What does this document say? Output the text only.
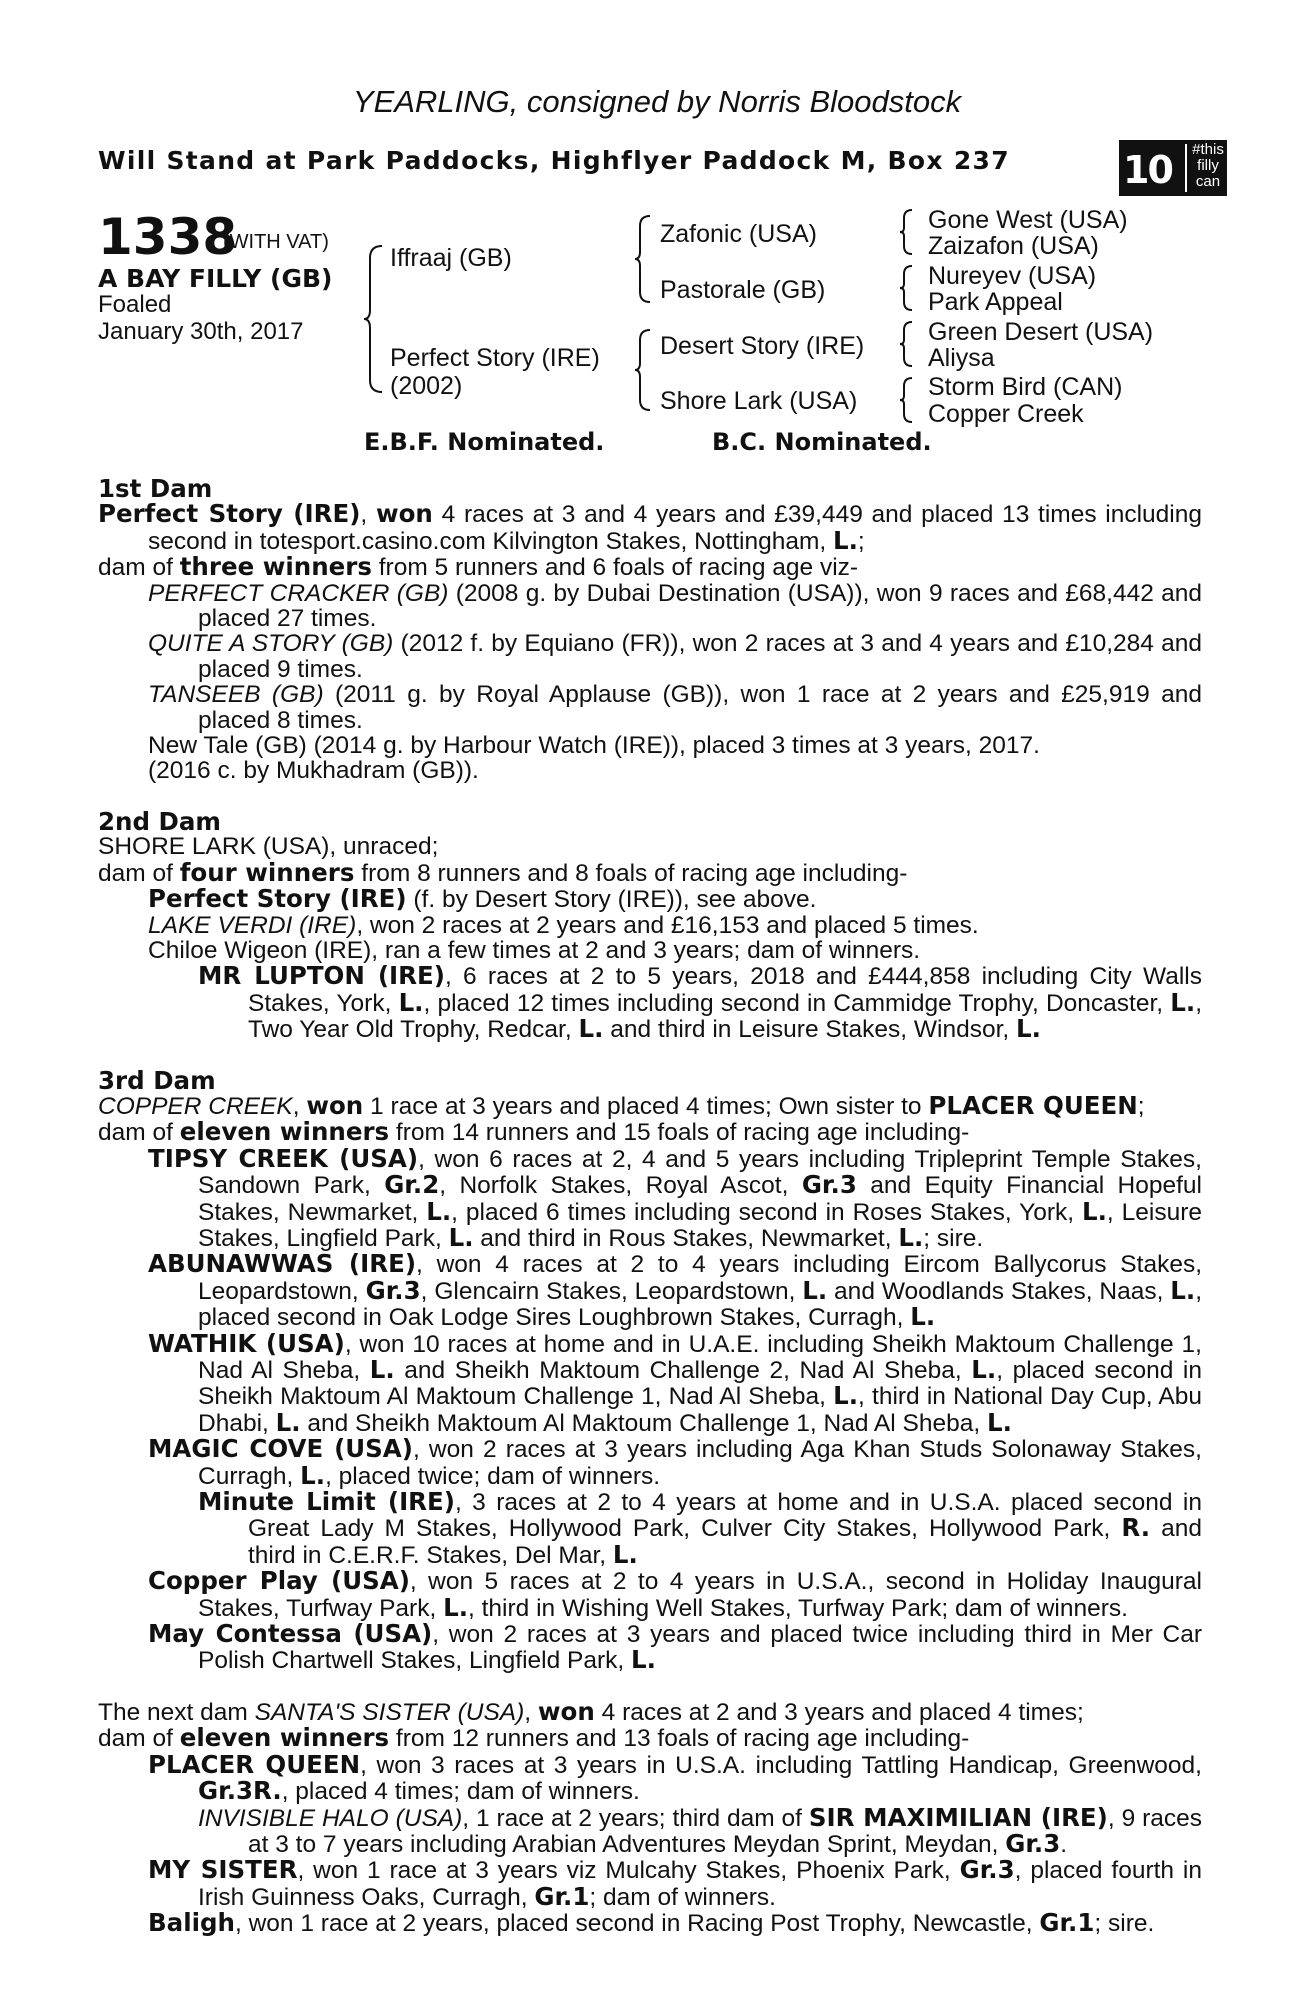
YEARLING, consigned by Norris Bloodstock
Will Stand at Park Paddocks, Highflyer Paddock M, Box 237	10 #this
filly
can
1338
(WITH VAT)
A BAY FILLY (GB)
Foaled
January 30th, 2017
Iffraaj (GB)
Perfect Story (IRE)
(2002)
Zafonic (USA)
Pastorale (GB)
Desert Story (IRE)
Shore Lark (USA)
Gone West (USA)
Zaizafon (USA)
Nureyev (USA)
Park Appeal
Green Desert (USA)
Aliysa
Storm Bird (CAN)
Copper Creek
E.B.F. Nominated.	B.C. Nominated.

1st Dam

Perfect Story (IRE), won 4 races at 3 and 4 years and £39,449 and placed 13 times including second in totesport.casino.com Kilvington Stakes, Nottingham, L.;

dam of three winners from 5 runners and 6 foals of racing age viz-

PERFECT CRACKER (GB) (2008 g. by Dubai Destination (USA)), won 9 races and £68,442 and placed 27 times.

QUITE A STORY (GB) (2012 f. by Equiano (FR)), won 2 races at 3 and 4 years and £10,284 and placed 9 times.

TANSEEB (GB) (2011 g. by Royal Applause (GB)), won 1 race at 2 years and £25,919 and placed 8 times.

New Tale (GB) (2014 g. by Harbour Watch (IRE)), placed 3 times at 3 years, 2017.

(2016 c. by Mukhadram (GB)).

2nd Dam

SHORE LARK (USA), unraced;

dam of four winners from 8 runners and 8 foals of racing age including-

Perfect Story (IRE) (f. by Desert Story (IRE)), see above.

LAKE VERDI (IRE), won 2 races at 2 years and £16,153 and placed 5 times.

Chiloe Wigeon (IRE), ran a few times at 2 and 3 years; dam of winners.

MR LUPTON (IRE), 6 races at 2 to 5 years, 2018 and £444,858 including City Walls Stakes, York, L., placed 12 times including second in Cammidge Trophy, Doncaster, L., Two Year Old Trophy, Redcar, L. and third in Leisure Stakes, Windsor, L.

3rd Dam

COPPER CREEK, won 1 race at 3 years and placed 4 times; Own sister to PLACER QUEEN;

dam of eleven winners from 14 runners and 15 foals of racing age including-

TIPSY CREEK (USA), won 6 races at 2, 4 and 5 years including Tripleprint Temple Stakes, Sandown Park, Gr.2, Norfolk Stakes, Royal Ascot, Gr.3 and Equity Financial Hopeful Stakes, Newmarket, L., placed 6 times including second in Roses Stakes, York, L., Leisure Stakes, Lingfield Park, L. and third in Rous Stakes, Newmarket, L.; sire.

ABUNAWWAS (IRE), won 4 races at 2 to 4 years including Eircom Ballycorus Stakes, Leopardstown, Gr.3, Glencairn Stakes, Leopardstown, L. and Woodlands Stakes, Naas, L., placed second in Oak Lodge Sires Loughbrown Stakes, Curragh, L.

WATHIK (USA), won 10 races at home and in U.A.E. including Sheikh Maktoum Challenge 1, Nad Al Sheba, L. and Sheikh Maktoum Challenge 2, Nad Al Sheba, L., placed second in Sheikh Maktoum Al Maktoum Challenge 1, Nad Al Sheba, L., third in National Day Cup, Abu Dhabi, L. and Sheikh Maktoum Al Maktoum Challenge 1, Nad Al Sheba, L.

MAGIC COVE (USA), won 2 races at 3 years including Aga Khan Studs Solonaway Stakes, Curragh, L., placed twice; dam of winners.

Minute Limit (IRE), 3 races at 2 to 4 years at home and in U.S.A. placed second in Great Lady M Stakes, Hollywood Park, Culver City Stakes, Hollywood Park, R. and third in C.E.R.F. Stakes, Del Mar, L.

Copper Play (USA), won 5 races at 2 to 4 years in U.S.A., second in Holiday Inaugural Stakes, Turfway Park, L., third in Wishing Well Stakes, Turfway Park; dam of winners.

May Contessa (USA), won 2 races at 3 years and placed twice including third in Mer Car Polish Chartwell Stakes, Lingfield Park, L.

The next dam SANTA'S SISTER (USA), won 4 races at 2 and 3 years and placed 4 times;

dam of eleven winners from 12 runners and 13 foals of racing age including-

PLACER QUEEN, won 3 races at 3 years in U.S.A. including Tattling Handicap, Greenwood, Gr.3R., placed 4 times; dam of winners.

INVISIBLE HALO (USA), 1 race at 2 years; third dam of SIR MAXIMILIAN (IRE), 9 races at 3 to 7 years including Arabian Adventures Meydan Sprint, Meydan, Gr.3.

MY SISTER, won 1 race at 3 years viz Mulcahy Stakes, Phoenix Park, Gr.3, placed fourth in Irish Guinness Oaks, Curragh, Gr.1; dam of winners.

Baligh, won 1 race at 2 years, placed second in Racing Post Trophy, Newcastle, Gr.1; sire.
